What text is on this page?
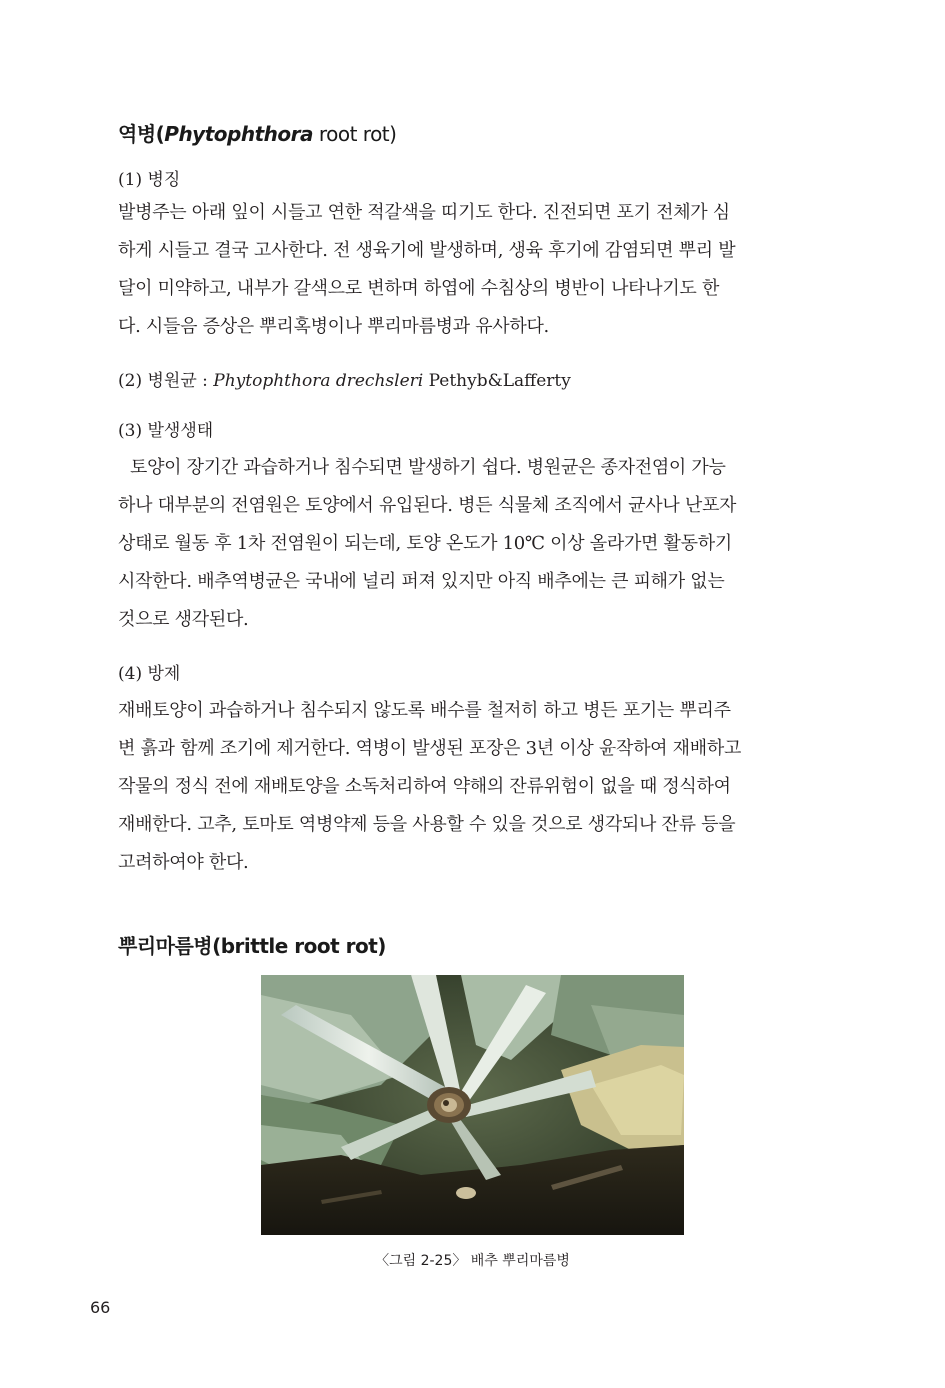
역병(Phytophthora root rot)
(1) 병징
발병주는 아래 잎이 시들고 연한 적갈색을 띠기도 한다. 진전되면 포기 전체가 심
하게 시들고 결국 고사한다. 전 생육기에 발생하며, 생육 후기에 감염되면 뿌리 발
달이 미약하고, 내부가 갈색으로 변하며 하엽에 수침상의 병반이 나타나기도 한
다. 시들음 증상은 뿌리혹병이나 뿌리마름병과 유사하다.
(2) 병원균 : Phytophthora drechsleri Pethyb&Lafferty
(3) 발생생태
토양이 장기간 과습하거나 침수되면 발생하기 쉽다. 병원균은 종자전염이 가능
하나 대부분의 전염원은 토양에서 유입된다. 병든 식물체 조직에서 균사나 난포자
상태로 월동 후 1차 전염원이 되는데, 토양 온도가 10℃ 이상 올라가면 활동하기
시작한다. 배추역병균은 국내에 널리 퍼져 있지만 아직 배추에는 큰 피해가 없는
것으로 생각된다.
(4) 방제
재배토양이 과습하거나 침수되지 않도록 배수를 철저히 하고 병든 포기는 뿌리주
변 흙과 함께 조기에 제거한다. 역병이 발생된 포장은 3년 이상 윤작하여 재배하고
작물의 정식 전에 재배토양을 소독처리하여 약해의 잔류위험이 없을 때 정식하여
재배한다. 고추, 토마토 역병약제 등을 사용할 수 있을 것으로 생각되나 잔류 등을
고려하여야 한다.
뿌리마름병(brittle root rot)
〈그림 2-25〉 배추 뿌리마름병
66
